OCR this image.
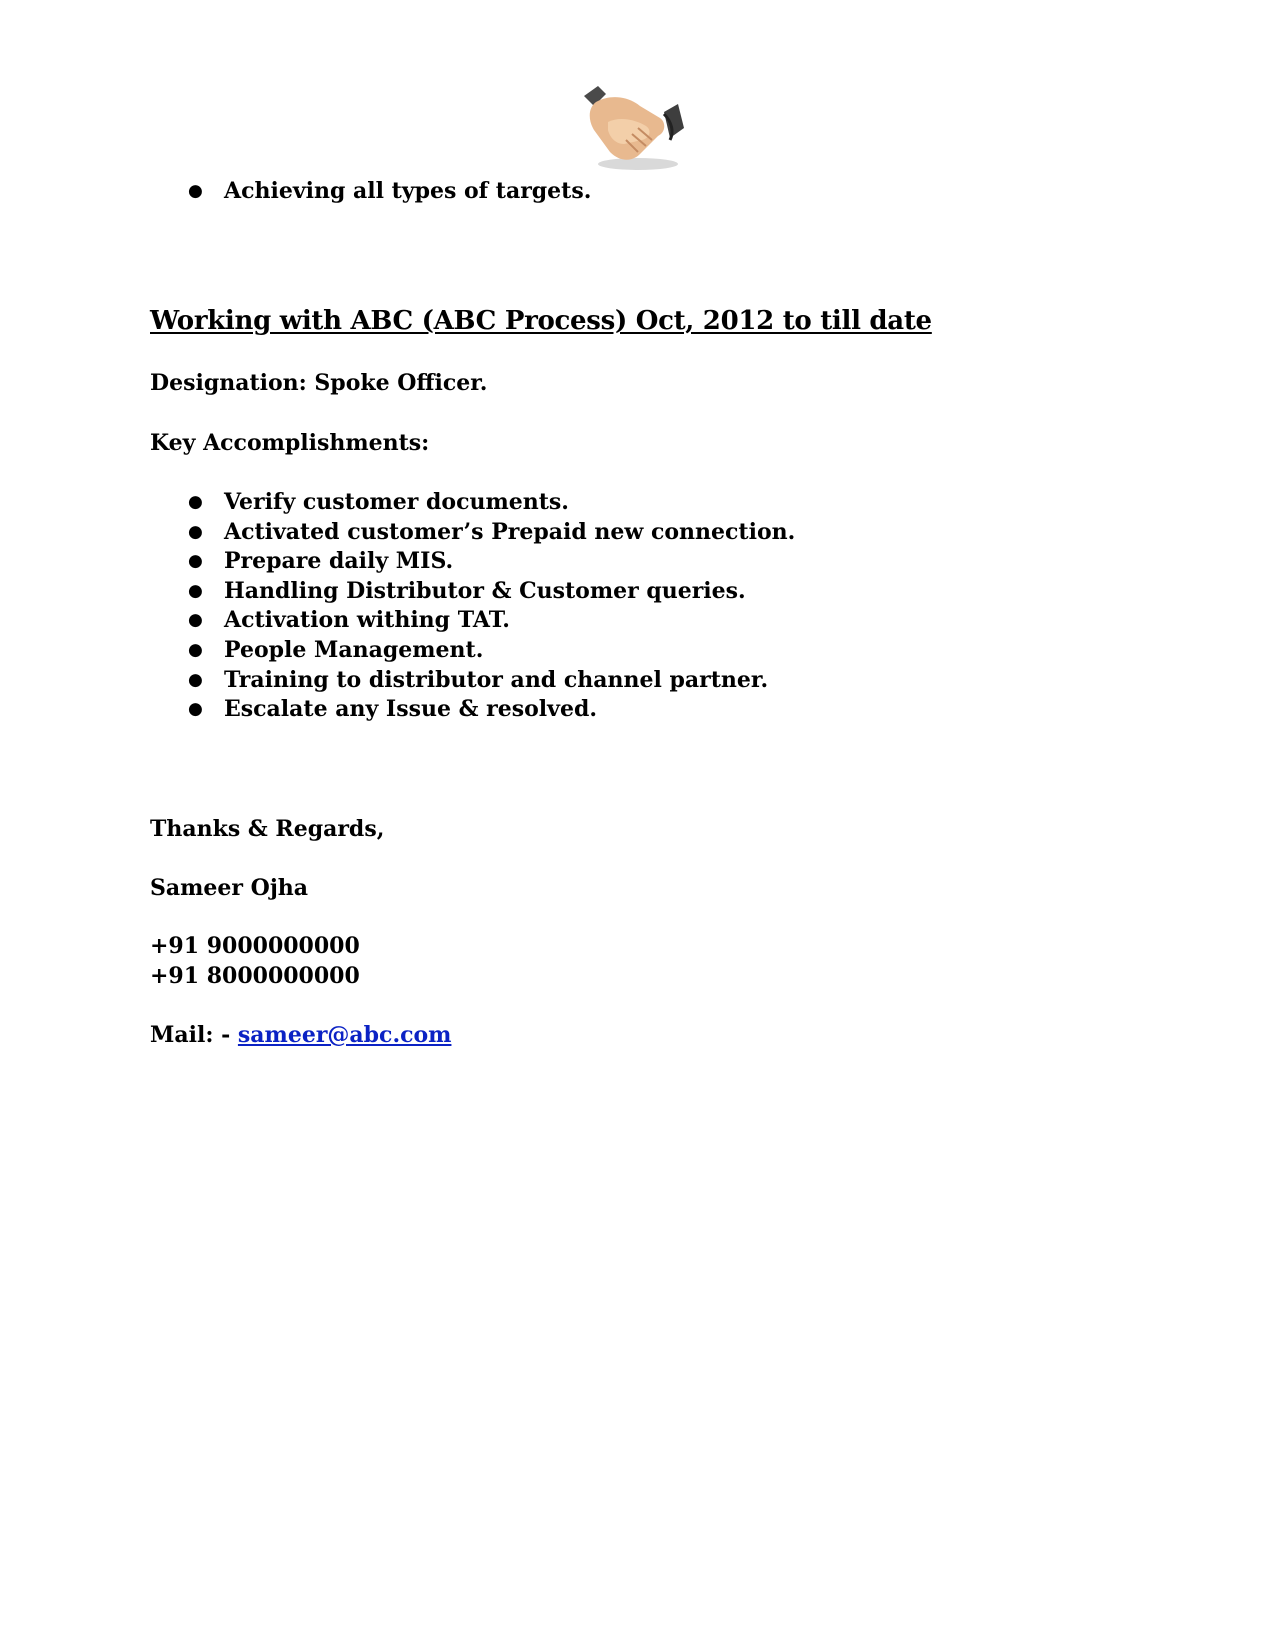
● Achieving all types of targets.
Working with ABC (ABC Process) Oct, 2012 to till date

Designation: Spoke Officer.

Key Accomplishments:

● Verify customer documents.
● Activated customer’s Prepaid new connection.
● Prepare daily MIS.
● Handling Distributor & Customer queries.
● Activation withing TAT.
● People Management.
● Training to distributor and channel partner.
● Escalate any Issue & resolved.

Thanks & Regards,

Sameer Ojha

+91 9000000000

+91 8000000000

Mail: - sameer@abc.com
